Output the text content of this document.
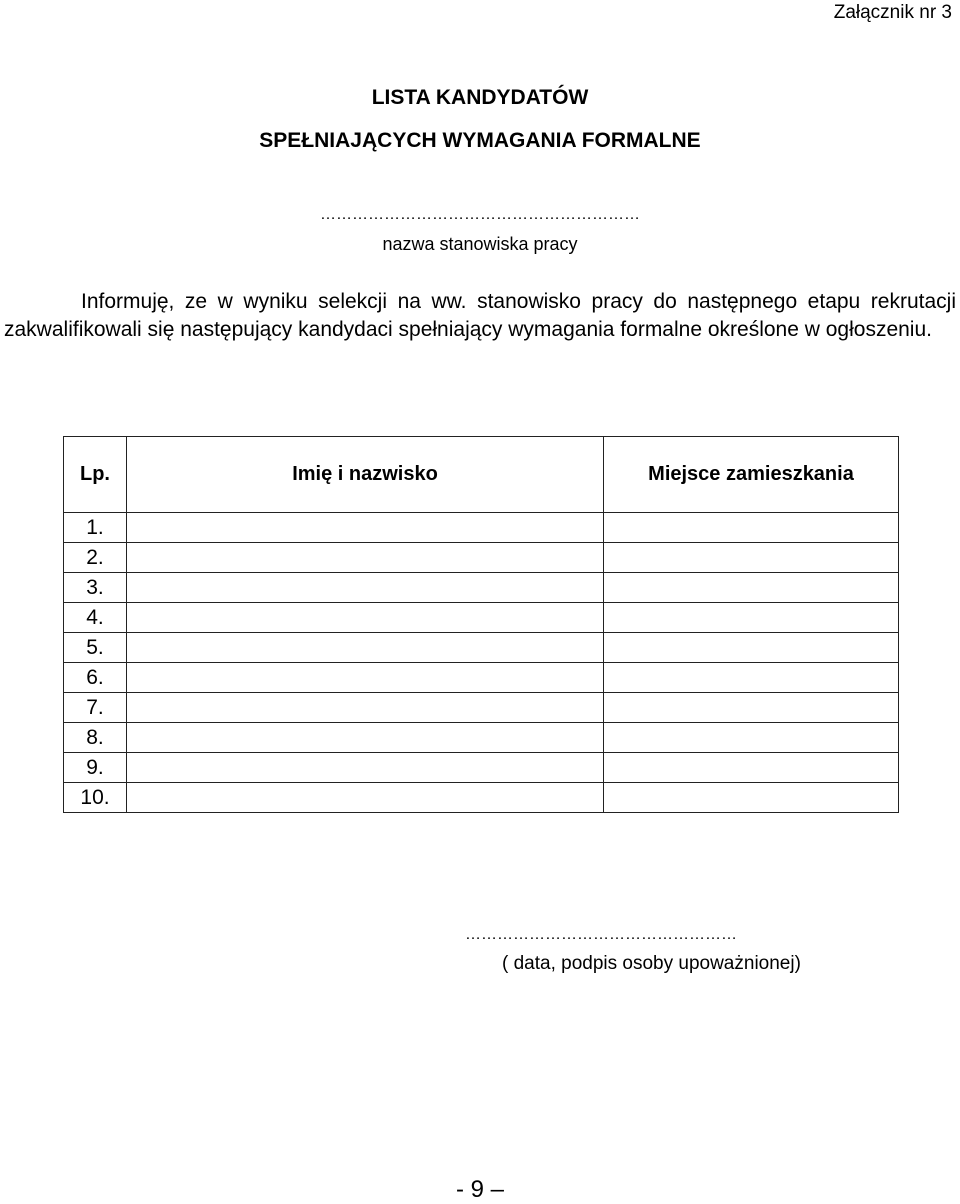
Załącznik nr 3
LISTA KANDYDATÓW
SPEŁNIAJĄCYCH WYMAGANIA FORMALNE
……………………………………………………
nazwa stanowiska pracy

Informuję, ze w wyniku selekcji na ww. stanowisko pracy do następnego etapu rekrutacji zakwalifikowali się następujący kandydaci spełniający wymagania formalne określone w ogłoszeniu.

Lp.	Imię i nazwisko	Miejsce zamieszkania
1.		
2.		
3.		
4.		
5.		
6.		
7.		
8.		
9.		
10.		
……………………………………………
( data, podpis osoby upoważnionej)
- 9 –
